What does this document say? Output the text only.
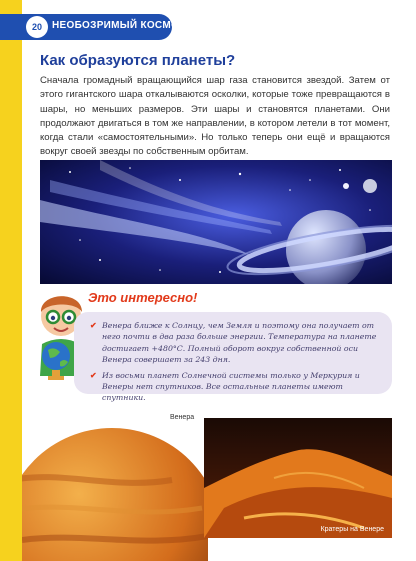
20	НЕОБОЗРИМЫЙ КОСМОС
Как образуются планеты?

Сначала громадный вращающийся шар газа становится звездой. Затем от этого гигантского шара откалываются осколки, которые тоже превращаются в шары, но меньших размеров. Эти шары и становятся планетами. Они продолжают двигаться в том же направлении, в котором летели в тот момент, когда стали «самостоятельными». Но только теперь они ещё и вращаются вокруг своей звезды по собственным орбитам.

Это интересно!
✔ Венера ближе к Солнцу, чем Земля и поэтому она получает от него почти в два раза больше энергии. Температура на планете достигает +480°С. Полный оборот вокруг собственной оси Венера совершает за 243 дня.
✔ Из восьми планет Солнечной системы только у Меркурия и Венеры нет спутников. Все остальные планеты имеют спутники.
Венера
Кратеры на Венере
